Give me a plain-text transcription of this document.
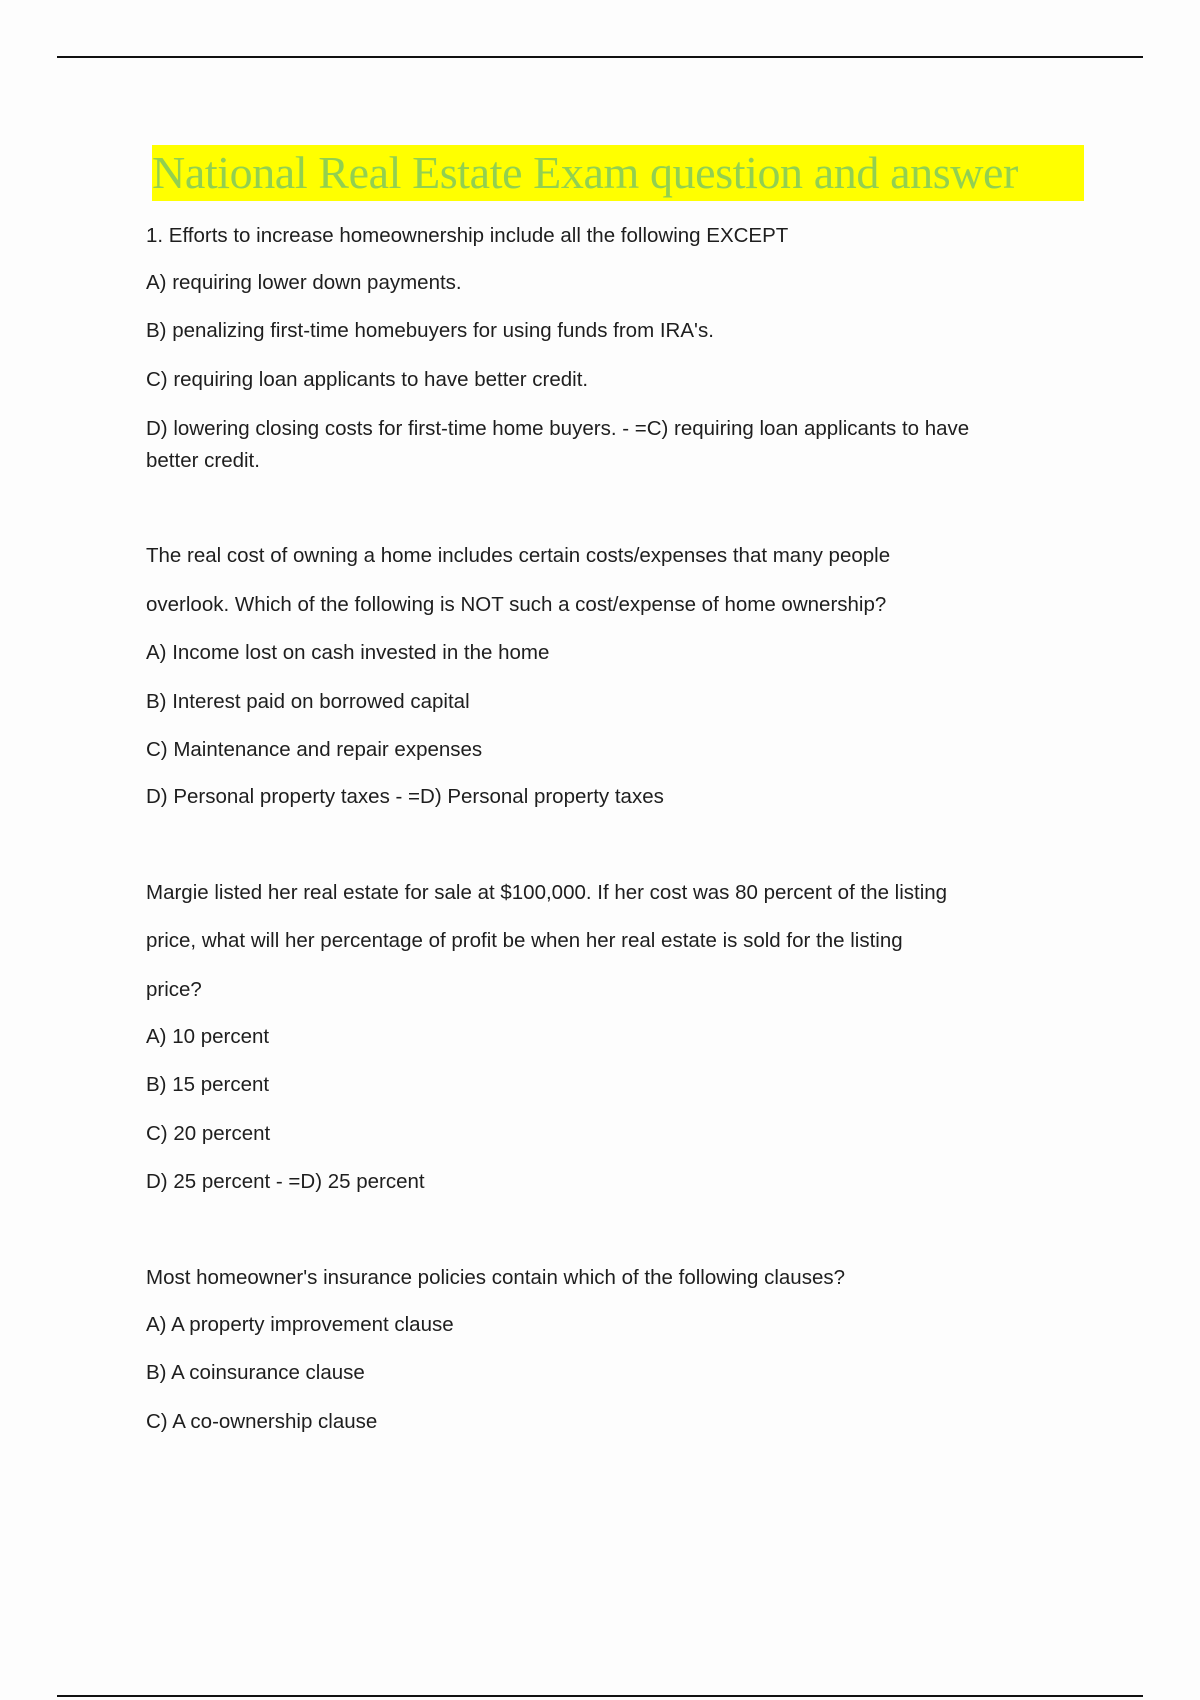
National Real Estate Exam question and answer
1. Efforts to increase homeownership include all the following EXCEPT
A) requiring lower down payments.
B) penalizing first-time homebuyers for using funds from IRA's.
C) requiring loan applicants to have better credit.
D) lowering closing costs for first-time home buyers. - =C) requiring loan applicants to have
better credit.
The real cost of owning a home includes certain costs/expenses that many people
overlook. Which of the following is NOT such a cost/expense of home ownership?
A) Income lost on cash invested in the home
B) Interest paid on borrowed capital
C) Maintenance and repair expenses
D) Personal property taxes - =D) Personal property taxes
Margie listed her real estate for sale at $100,000. If her cost was 80 percent of the listing
price, what will her percentage of profit be when her real estate is sold for the listing
price?
A) 10 percent
B) 15 percent
C) 20 percent
D) 25 percent - =D) 25 percent
Most homeowner's insurance policies contain which of the following clauses?
A) A property improvement clause
B) A coinsurance clause
C) A co-ownership clause
